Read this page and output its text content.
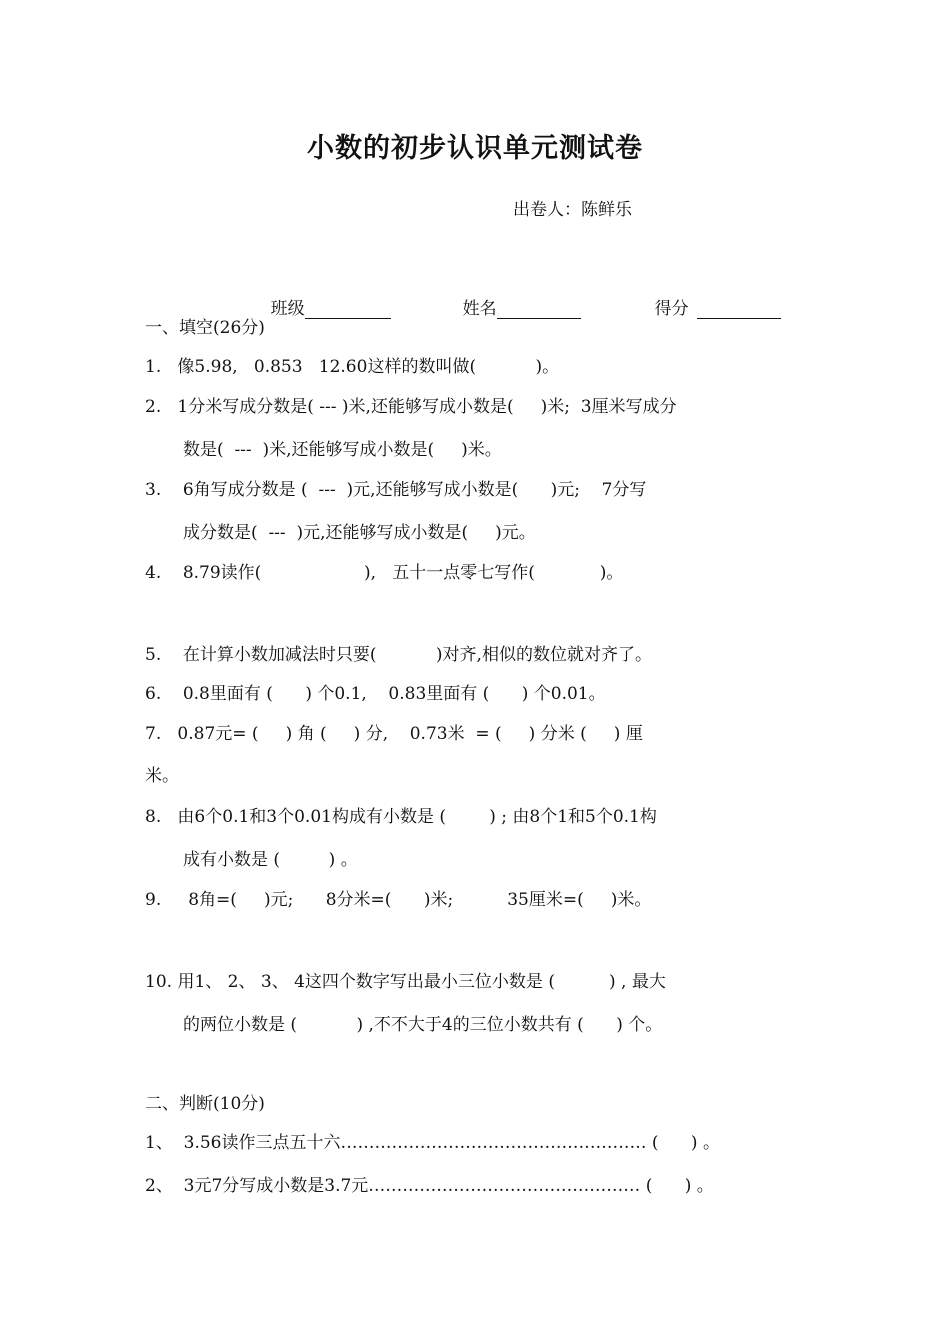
小数的初步认识单元测试卷
出卷人：陈鲜乐

班级
	姓名
	得分

一、填空(26分)
1.   像5.98,   0.853   12.60这样的数叫做(           )。
2.   1分米写成分数是( --- )米,还能够写成小数是(     )米;  3厘米写成分
数是(  ---  )米,还能够写成小数是(     )米。
3.    6角写成分数是 (  ---  )元,还能够写成小数是(      )元;    7分写
成分数是(  ---  )元,还能够写成小数是(     )元。
4.    8.79读作(                   ),   五十一点零七写作(            )。
5.    在计算小数加减法时只要(           )对齐,相似的数位就对齐了。
6.    0.8里面有 (      ) 个0.1,    0.83里面有 (      ) 个0.01。
7.   0.87元= (     ) 角 (     ) 分,    0.73米  = (     ) 分米 (     ) 厘
米。
8.   由6个0.1和3个0.01构成有小数是 (        ) ; 由8个1和5个0.1构
成有小数是 (         ) 。
9.     8角=(     )元;      8分米=(      )米;          35厘米=(     )米。
10. 用1、 2、 3、 4这四个数字写出最小三位小数是 (          ) , 最大
的两位小数是 (           ) ,不不大于4的三位小数共有 (      ) 个。
二、判断(10分)
1、  3.56读作三点五十六……………………………………………… (      ) 。
2、  3元7分写成小数是3.7元………………………………………… (      ) 。
